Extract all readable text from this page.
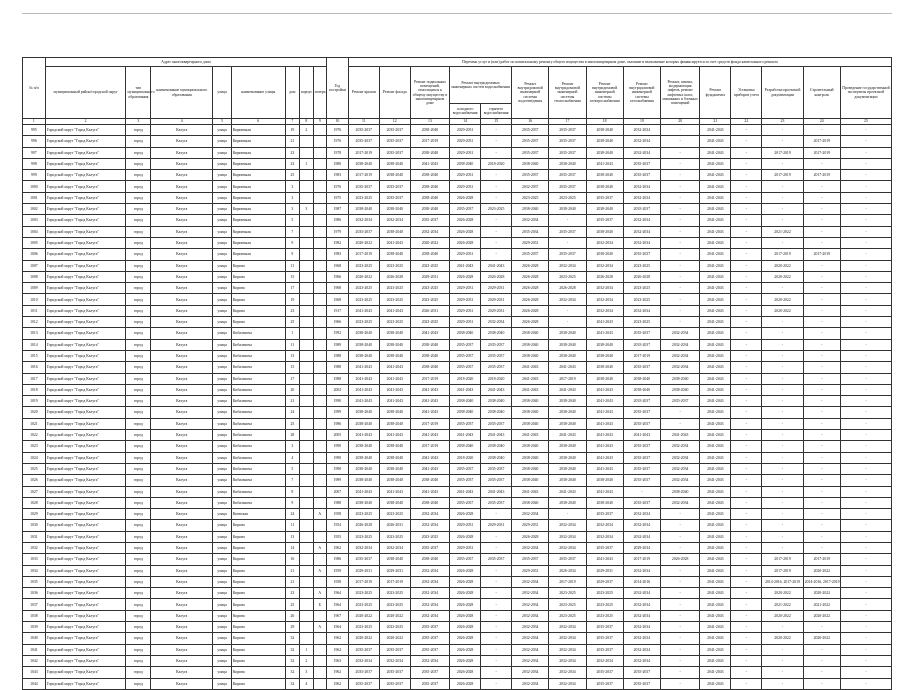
№ п/п	Адрес многоквартирного дома								Год постройки	Перечень услуг и (или) работ по капитальному ремонту общего имущества в многоквартирном доме, оказание и выполнение которых финансируется за счет средств фонда капитального ремонта														
	муниципальный район/городской округ	тип муниципального образования	наименование муниципального образования	улица	наименование улицы	дом	корпус	литера		Ремонт крыши	Ремонт фасада	Ремонт подвальных помещений, относящихся к общему имуществу в многоквартирном доме	Ремонт внутридомовых инженерных систем водоснабжения		Ремонт внутридомовой инженерной системы водоотведения	Ремонт внутридомовой инженерной системы теплоснабжения	Ремонт внутридомовой инженерной системы электроснабжения	Ремонт внутридомовой инженерной системы газоснабжения	Ремонт, замена, модернизация лифтов, ремонт лифтовых шахт, машинных и блочных помещений	Ремонт фундамента	Установка приборов учета	Разработка проектной документации	Строительный контроль	Проведение государственной экспертизы проектной документации
													холодного водоснабжения	горячего водоснабжения										
1	2	3	4	5	6	7	8	9	10	11	12	13	14	15	16	17	18	19	20	21	22	23	24	25
995	Городской округ "Город Калуга"	город	Калуга	улица	Кирпичная	19	2		1976	2035-2037	2035-2037	2038-2040	2029-2031	-	2035-2037	2035-2037	2038-2040	2032-2034	-	2041-2043	-	-	-	-
996	Городской округ "Город Калуга"	город	Калуга	улица	Кирпичная	21			1976	2035-2037	2035-2037	2017-2019	2029-2031	-	2035-2037	2035-2037	2038-2040	2032-2034	-	2041-2043	-	-	2017-2019	-
997	Городской округ "Город Калуга"	город	Калуга	улица	Кирпичная	23			1978	2017-2019	2035-2037	2038-2040	2029-2031	-	2035-2037	2035-2037	2038-2040	2032-2034	-	2041-2043	-	2017-2019	2017-2019	-
998	Городской округ "Город Калуга"	город	Калуга	улица	Кирпичная	23	1		1980	2038-2040	2038-2040	2041-2043	2038-2040	2018-2020	2038-2040	2038-2040	2041-2043	2035-2037	-	2041-2043	-	-	-	-
999	Городской округ "Город Калуга"	город	Калуга	улица	Кирпичная	25			1983	2017-2019	2038-2040	2038-2040	2029-2031	-	2035-2037	2035-2037	2038-2040	2035-2037	-	2041-2043	-	2017-2019	2017-2019	-
1000	Городской округ "Город Калуга"	город	Калуга	улица	Кирпичная	3			1976	2035-2037	2035-2037	2038-2040	2029-2031	-	2032-2037	2035-2037	2038-2040	2032-2034	-	2041-2043	-	-	-	-
1001	Городской округ "Город Калуга"	город	Калуга	улица	Кирпичная	3			1975	2023-2025	2035-2037	2038-2040	2026-2028	-	2023-2025	2023-2025	2035-2037	2032-2034	-	2041-2043	-	-	-	-
1002	Городской округ "Город Калуга"	город	Калуга	улица	Кирпичная	3	3		1987	2038-2040	2038-2040	2038-2040	2035-2037	2023-2025	2038-2040	2038-2040	2038-2040	2035-2037	-	2041-2043	-	-	-	-
1003	Городской округ "Город Калуга"	город	Калуга	улица	Кирпичная	5			1986	2032-2034	2032-2034	2035-2037	2026-2028	-	2032-2034	-	2035-2037	2032-2034	-	2041-2043	-	-	-	-
1004	Городской округ "Город Калуга"	город	Калуга	улица	Кирпичная	7			1979	2035-2037	2038-2040	2032-2034	2026-2028	-	2035-2034	2035-2037	2038-2040	2032-2034	-	2041-2043	-	2021-2022	-	-
1005	Городской округ "Город Калуга"	город	Калуга	улица	Кирпичная	9			1982	2020-2022	2041-2043	2020-2022	2026-2028	-	2029-2031	-	2032-2034	2032-2034	-	2041-2043	-	-	-	-
1006	Городской округ "Город Калуга"	город	Калуга	улица	Кирпичная	9			1983	2017-2019	2038-2040	2038-2040	2029-2031	-	2035-2037	2035-2037	2038-2040	2035-2037	-	2041-2043	-	2017-2019	2017-2019	-
1007	Городской округ "Город Калуга"	город	Калуга	улица	Кирова	11			1968	2023-2025	2023-2025	2023-2025	2041-2043	2041-2043	2026-2028	2032-2034	2032-2034	2023-2025	-	2041-2043	-	2020-2022	-	-
1008	Городской округ "Город Калуга"	город	Калуга	улица	Кирова	15			1966	2020-2022	2026-2028	2029-2031	2026-2028	2026-2028	2026-2028	2023-2025	2026-2028	2026-2028	-	2041-2043	-	2020-2022	-	-
1009	Городской округ "Город Калуга"	город	Калуга	улица	Кирова	17			1968	2023-2025	2023-2025	2023-2025	2029-2031	2029-2031	2026-2028	2026-2028	2032-2034	2023-2025	-	2041-2043	-	-	-	-
1010	Городской округ "Город Калуга"	город	Калуга	улица	Кирова	19			1968	2023-2025	2023-2025	2023-2025	2029-2031	2029-2031	2026-2028	2032-2034	2032-2034	2023-2025	-	2041-2043	-	2020-2022	-	-
1011	Городской округ "Город Калуга"	город	Калуга	улица	Кирова	23			1917	2041-2043	2041-2043	2026-2031	2029-2031	2029-2031	2026-2028	-	2032-2034	2032-2034	-	2041-2043	-	2020-2022	-	-
1012	Городской округ "Город Калуга"	город	Калуга	улица	Кирова	25			1966	2023-2025	2023-2025	2023-2025	2029-2031	2032-2034	2026-2028	-	2041-2043	2023-2025	-	2041-2043	-	-	-	-
1013	Городской округ "Город Калуга"	город	Калуга	улица	Кибальчича	1			1992	2038-2040	2038-2040	2041-2043	2038-2040	2038-2040	2038-2040	2038-2040	2041-2043	2035-2037	2032-2034	2041-2043	-	-	-	-
1014	Городской округ "Город Калуга"	город	Калуга	улица	Кибальчича	11			1989	2038-2040	2038-2040	2038-2040	2035-2037	2035-2037	2038-2040	2038-2040	2038-2040	2035-2037	2032-2034	2041-2043	-	-	-	-
1015	Городской округ "Город Калуга"	город	Калуга	улица	Кибальчича	13			1988	2038-2040	2038-2040	2038-2040	2035-2037	2035-2037	2038-2040	2038-2040	2038-2040	2017-2019	2032-2034	2041-2043	-	-	-	-
1016	Городской округ "Город Калуга"	город	Калуга	улица	Кибальчича	15			1988	2041-2043	2041-2043	2038-2040	2035-2037	2035-2037	2041-2043	2041-2043	2038-2040	2035-2037	2032-2034	2041-2043	-	-	-	-
1017	Городской округ "Город Калуга"	город	Калуга	улица	Кибальчича	17			1988	2041-2043	2041-2043	2017-2019	2018-2020	2018-2020	2041-2043	2017-2019	2038-2040	2038-2040	2038-2040	2041-2043	-	-	-	-
1018	Городской округ "Город Калуга"	город	Калуга	улица	Кибальчича	20			2002	2041-2043	2041-2043	2041-2043	2041-2043	2041-2043	2041-2043	2041-2043	2041-2043	2038-2040	2038-2040	2041-2043	-	-	-	-
1019	Городской округ "Город Калуга"	город	Калуга	улица	Кибальчича	21			1990	2041-2043	2041-2043	2041-2043	2038-2040	2038-2040	2038-2040	2038-2040	2041-2043	2035-2037	2035-2037	2041-2043	-	-	-	-
1020	Городской округ "Город Калуга"	город	Калуга	улица	Кибальчича	24			1999	2038-2040	2038-2040	2041-2043	2038-2040	2038-2040	2038-2040	2038-2040	2041-2043	2035-2037	-	2041-2043	-	-	-	-
1021	Городской округ "Город Калуга"	город	Калуга	улица	Кибальчича	25			1986	2038-2040	2038-2040	2017-2019	2035-2037	2035-2037	2038-2040	2038-2040	2041-2043	2035-2037	-	2041-2043	-	-	-	-
1022	Городской округ "Город Калуга"	город	Калуга	улица	Кибальчича	28			2005	2041-2043	2041-2043	2041-2043	2041-2043	2041-2043	2041-2043	2041-2043	2041-2043	2041-2043	2041-2043	2041-2043	-	-	-	-
1023	Городской округ "Город Калуга"	город	Калуга	улица	Кибальчича	3			1990	2038-2040	2038-2040	2017-2019	2038-2040	2038-2040	2038-2040	2038-2040	2041-2043	2035-2037	2032-2034	2041-2043	-	-	-	-
1024	Городской округ "Город Калуга"	город	Калуга	улица	Кибальчича	4			1990	2038-2040	2038-2040	2041-2043	2018-2020	2038-2040	2038-2040	2038-2040	2041-2043	2035-2037	2032-2034	2041-2043	-	-	-	-
1025	Городской округ "Город Калуга"	город	Калуга	улица	Кибальчича	5			1990	2038-2040	2038-2040	2041-2043	2035-2037	2035-2037	2038-2040	2038-2040	2041-2043	2035-2037	2032-2034	2041-2043	-	-	-	-
1026	Городской округ "Город Калуга"	город	Калуга	улица	Кибальчича	7			1989	2038-2040	2038-2040	2038-2040	2035-2037	2035-2037	2038-2040	2038-2040	2038-2040	2035-2037	2032-2034	2041-2043	-	-	-	-
1027	Городской округ "Город Калуга"	город	Калуга	улица	Кибальчича	8			2007	2041-2043	2041-2043	2041-2043	2041-2043	2041-2043	2041-2043	2041-2043	2041-2043	-	2038-2040	2041-2043	-	-	-	-
1028	Городской округ "Город Калуга"	город	Калуга	улица	Кибальчича	9			1988	2038-2040	2038-2040	2038-2040	2035-2037	2035-2037	2038-2040	2038-2040	2038-2040	2035-2037	2032-2034	2041-2043	-	-	-	-
1029	Городской округ "Город Калуга"	город	Калуга	улица	Киевская	24		А	1958	2023-2025	2023-2025	2032-2034	2026-2028	-	2032-2034	-	2035-2037	2032-2034	-	2041-2043	-	-	-	-
1030	Городской округ "Город Калуга"	город	Калуга	улица	Кирова	11			1954	2026-2028	2026-2031	2032-2034	2029-2031	2029-2031	2029-2031	2032-2034	2032-2034	2032-2034	-	2041-2043	-	-	-	-
1031	Городской округ "Город Калуга"	город	Калуга	улица	Кирова	13			1955	2023-2025	2023-2025	2023-2025	2026-2028	-	2026-2028	2032-2034	2032-2034	2032-2034	-	2041-2043	-	-	-	-
1032	Городской округ "Город Калуга"	город	Калуга	улица	Кирова	14		А	1962	2032-2034	2032-2034	2035-2037	2029-2031	-	2032-2034	2032-2034	2035-2037	2029-2034	-	2041-2043	-	-	-	-
1033	Городской округ "Город Калуга"	город	Калуга	улица	Кирова	16			1986	2035-2037	2038-2040	2038-2040	2035-2037	2035-2037	2035-2037	2035-2037	2041-2043	2017-2019	2026-2028	2041-2043	-	2017-2019	2017-2019	-
1034	Городской округ "Город Калуга"	город	Калуга	улица	Кирова	21		А	1959	2029-2031	2029-2031	2032-2034	2026-2028	-	2029-2031	2026-2034	2029-2031	2032-2034	-	2041-2043	-	2017-2019	2020-2022	-
1035	Городской округ "Город Калуга"	город	Калуга	улица	Кирова	21			1958	2017-2019	2017-2019	2032-2034	2026-2028	-	2032-2034	2017-2019	2029-2037	2014-2016	-	2041-2043	-	2014-2016, 2017-2019	2014-2016, 2017-2019	-
1036	Городской округ "Город Калуга"	город	Калуга	улица	Кирова	23		А	1964	2023-2025	2023-2025	2032-2034	2026-2028	-	2032-2034	2023-2025	2023-2025	2032-2034	-	2041-2043	-	2020-2022	2020-2022	-
1037	Городской округ "Город Калуга"	город	Калуга	улица	Кирова	25		Б	1964	2023-2025	2023-2025	2032-2034	2026-2028	-	2032-2034	2023-2025	2023-2025	2032-2034	-	2041-2043	-	2021-2022	2021-2022	-
1038	Городской округ "Город Калуга"	город	Калуга	улица	Кирова	26			1967	2020-2022	2020-2022	2032-2034	2026-2028	-	2032-2034	2023-2025	2023-2025	2032-2034	-	2041-2043	-	2020-2022	2020-2022	-
1039	Городской округ "Город Калуга"	город	Калуга	улица	Кирова	29		А	1964	2023-2025	2023-2025	2035-2037	2026-2028	-	2032-2034	2032-2034	2035-2037	2032-2034	-	2041-2043	-	-	-	-
1040	Городской округ "Город Калуга"	город	Калуга	улица	Кирова	32			1962	2020-2022	2020-2022	2035-2037	2026-2028	-	2032-2034	2032-2034	2035-2037	2032-2034	-	2041-2043	-	2020-2022	2020-2022	-
1041	Городской округ "Город Калуга"	город	Калуга	улица	Кирова	32	1		1962	2035-2037	2035-2037	2035-2037	2026-2028	-	2032-2034	2032-2034	2035-2037	2032-2034	-	2041-2043	-	-	-	-
1042	Городской округ "Город Калуга"	город	Калуга	улица	Кирова	32	2		1963	2032-2034	2032-2034	2032-2034	2026-2028	-	2032-2034	2032-2034	2032-2034	2032-2034	-	2041-2043	-	-	-	-
1043	Городской округ "Город Калуга"	город	Калуга	улица	Кирова	32	3		1962	2035-2037	2035-2037	2035-2037	2026-2028	-	2032-2034	2032-2034	2035-2037	2035-2037	-	2041-2043	-	-	-	-
1044	Городской округ "Город Калуга"	город	Калуга	улица	Кирова	32	4		1962	2035-2037	2035-2037	2035-2037	2026-2028	-	2032-2034	2032-2034	2035-2037	2035-2037	-	2041-2043	-	-	-	-
